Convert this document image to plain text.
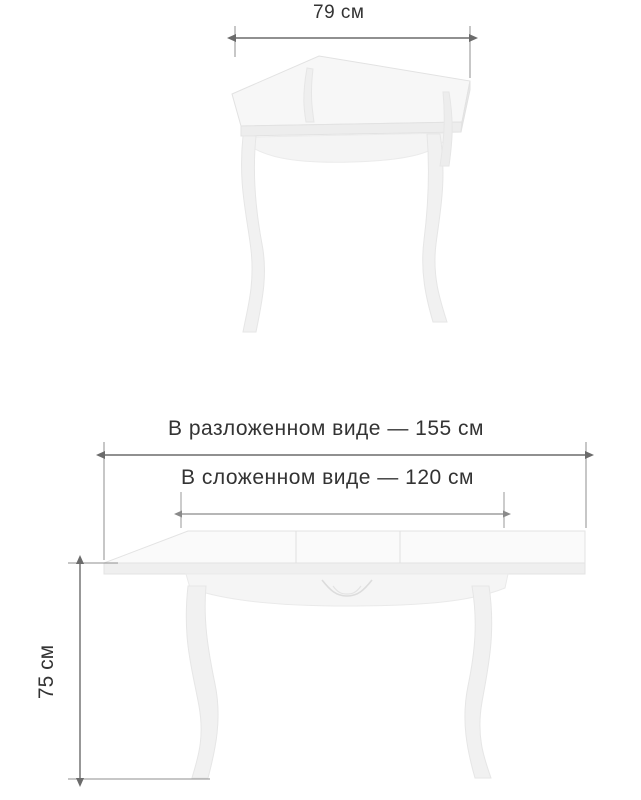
79 см
В разложенном виде — 155 см
В сложенном виде — 120 см
75 см
